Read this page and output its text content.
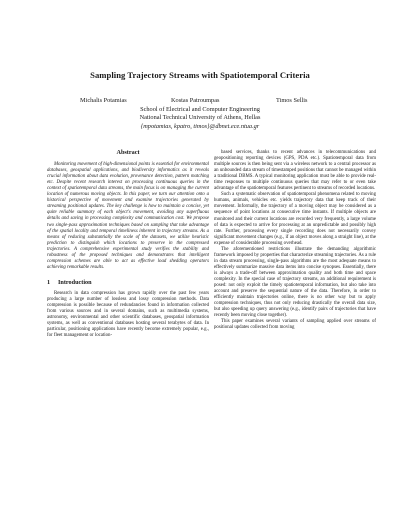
Sampling Trajectory Streams with Spatiotemporal Criteria
Michalis Potamias	Kostas Patroumpas	Timos Sellis
School of Electrical and Computer Engineering
National Technical University of Athens, Hellas
{mpotamias, kpatro, timos}@dbnet.ece.ntua.gr
Abstract

Monitoring movement of high-dimensional points is essential for environmental databases, geospatial applications, and biodiversity informatics as it reveals crucial information about data evolution, provenance detection, pattern matching etc. Despite recent research interest on processing continuous queries in the context of spatiotemporal data streams, the main focus is on managing the current location of numerous moving objects. In this paper, we turn our attention onto a historical perspective of movement and examine trajectories generated by streaming positional updates. The key challenge is how to maintain a concise, yet quite reliable summary of each object's movement, avoiding any superfluous details and saving in processing complexity and communication cost. We propose two single-pass approximation techniques based on sampling that take advantage of the spatial locality and temporal timeliness inherent in trajectory streams. As a means of reducing substantially the scale of the datasets, we utilize heuristic prediction to distinguish which locations to preserve in the compressed trajectories. A comprehensive experimental study verifies the stability and robustness of the proposed techniques and demonstrates that intelligent compression schemes are able to act as effective load shedding operators achieving remarkable results.

1 Introduction

Research in data compression has grown rapidly over the past few years producing a large number of lossless and lossy compression methods. Data compression is possible because of redundancies found in information collected from various sources and in several domains, such as multimedia systems, astronomy, environmental and other scientific databases, geospatial information systems, as well as conventional databases hosting several terabytes of data. In particular, positioning applications have recently become extremely popular, e.g., for fleet management or location-

based services, thanks to recent advances in telecommunications and geopositioning reporting devices (GPS, PDA etc.). Spatiotemporal data from multiple sources is then being sent via a wireless network to a central processor as an unbounded data stream of timestamped positions that cannot be managed within a traditional DBMS. A typical monitoring application must be able to provide real-time responses to multiple continuous queries that may refer to or even take advantage of the spatiotemporal features pertinent to streams of recorded locations.

Such a systematic observation of spatiotemporal phenomena related to moving humans, animals, vehicles etc. yields trajectory data that keep track of their movement. Informally, the trajectory of a moving object may be considered as a sequence of point locations at consecutive time instants. If multiple objects are monitored and their current locations are recorded very frequently, a large volume of data is expected to arrive for processing at an unpredictable and possibly high rate. Further, processing every single recording does not necessarily convey significant movement changes (e.g., if an object moves along a straight line), at the expense of considerable processing overhead.

The aforementioned restrictions illustrate the demanding algorithmic framework imposed by properties that characterize streaming trajectories. As a rule in data stream processing, single-pass algorithms are the most adequate means to effectively summarize massive data items into concise synopses. Essentially, there is always a trade-off between approximation quality and both time and space complexity. In the special case of trajectory streams, an additional requirement is posed: not only exploit the timely spatiotemporal information, but also take into account and preserve the sequential nature of the data. Therefore, in order to efficiently maintain trajectories online, there is no other way but to apply compression techniques, thus not only reducing drastically the overall data size, but also speeding up query answering (e.g., identify pairs of trajectories that have recently been moving close together).

This paper examines several variants of sampling applied over streams of positional updates collected from moving
